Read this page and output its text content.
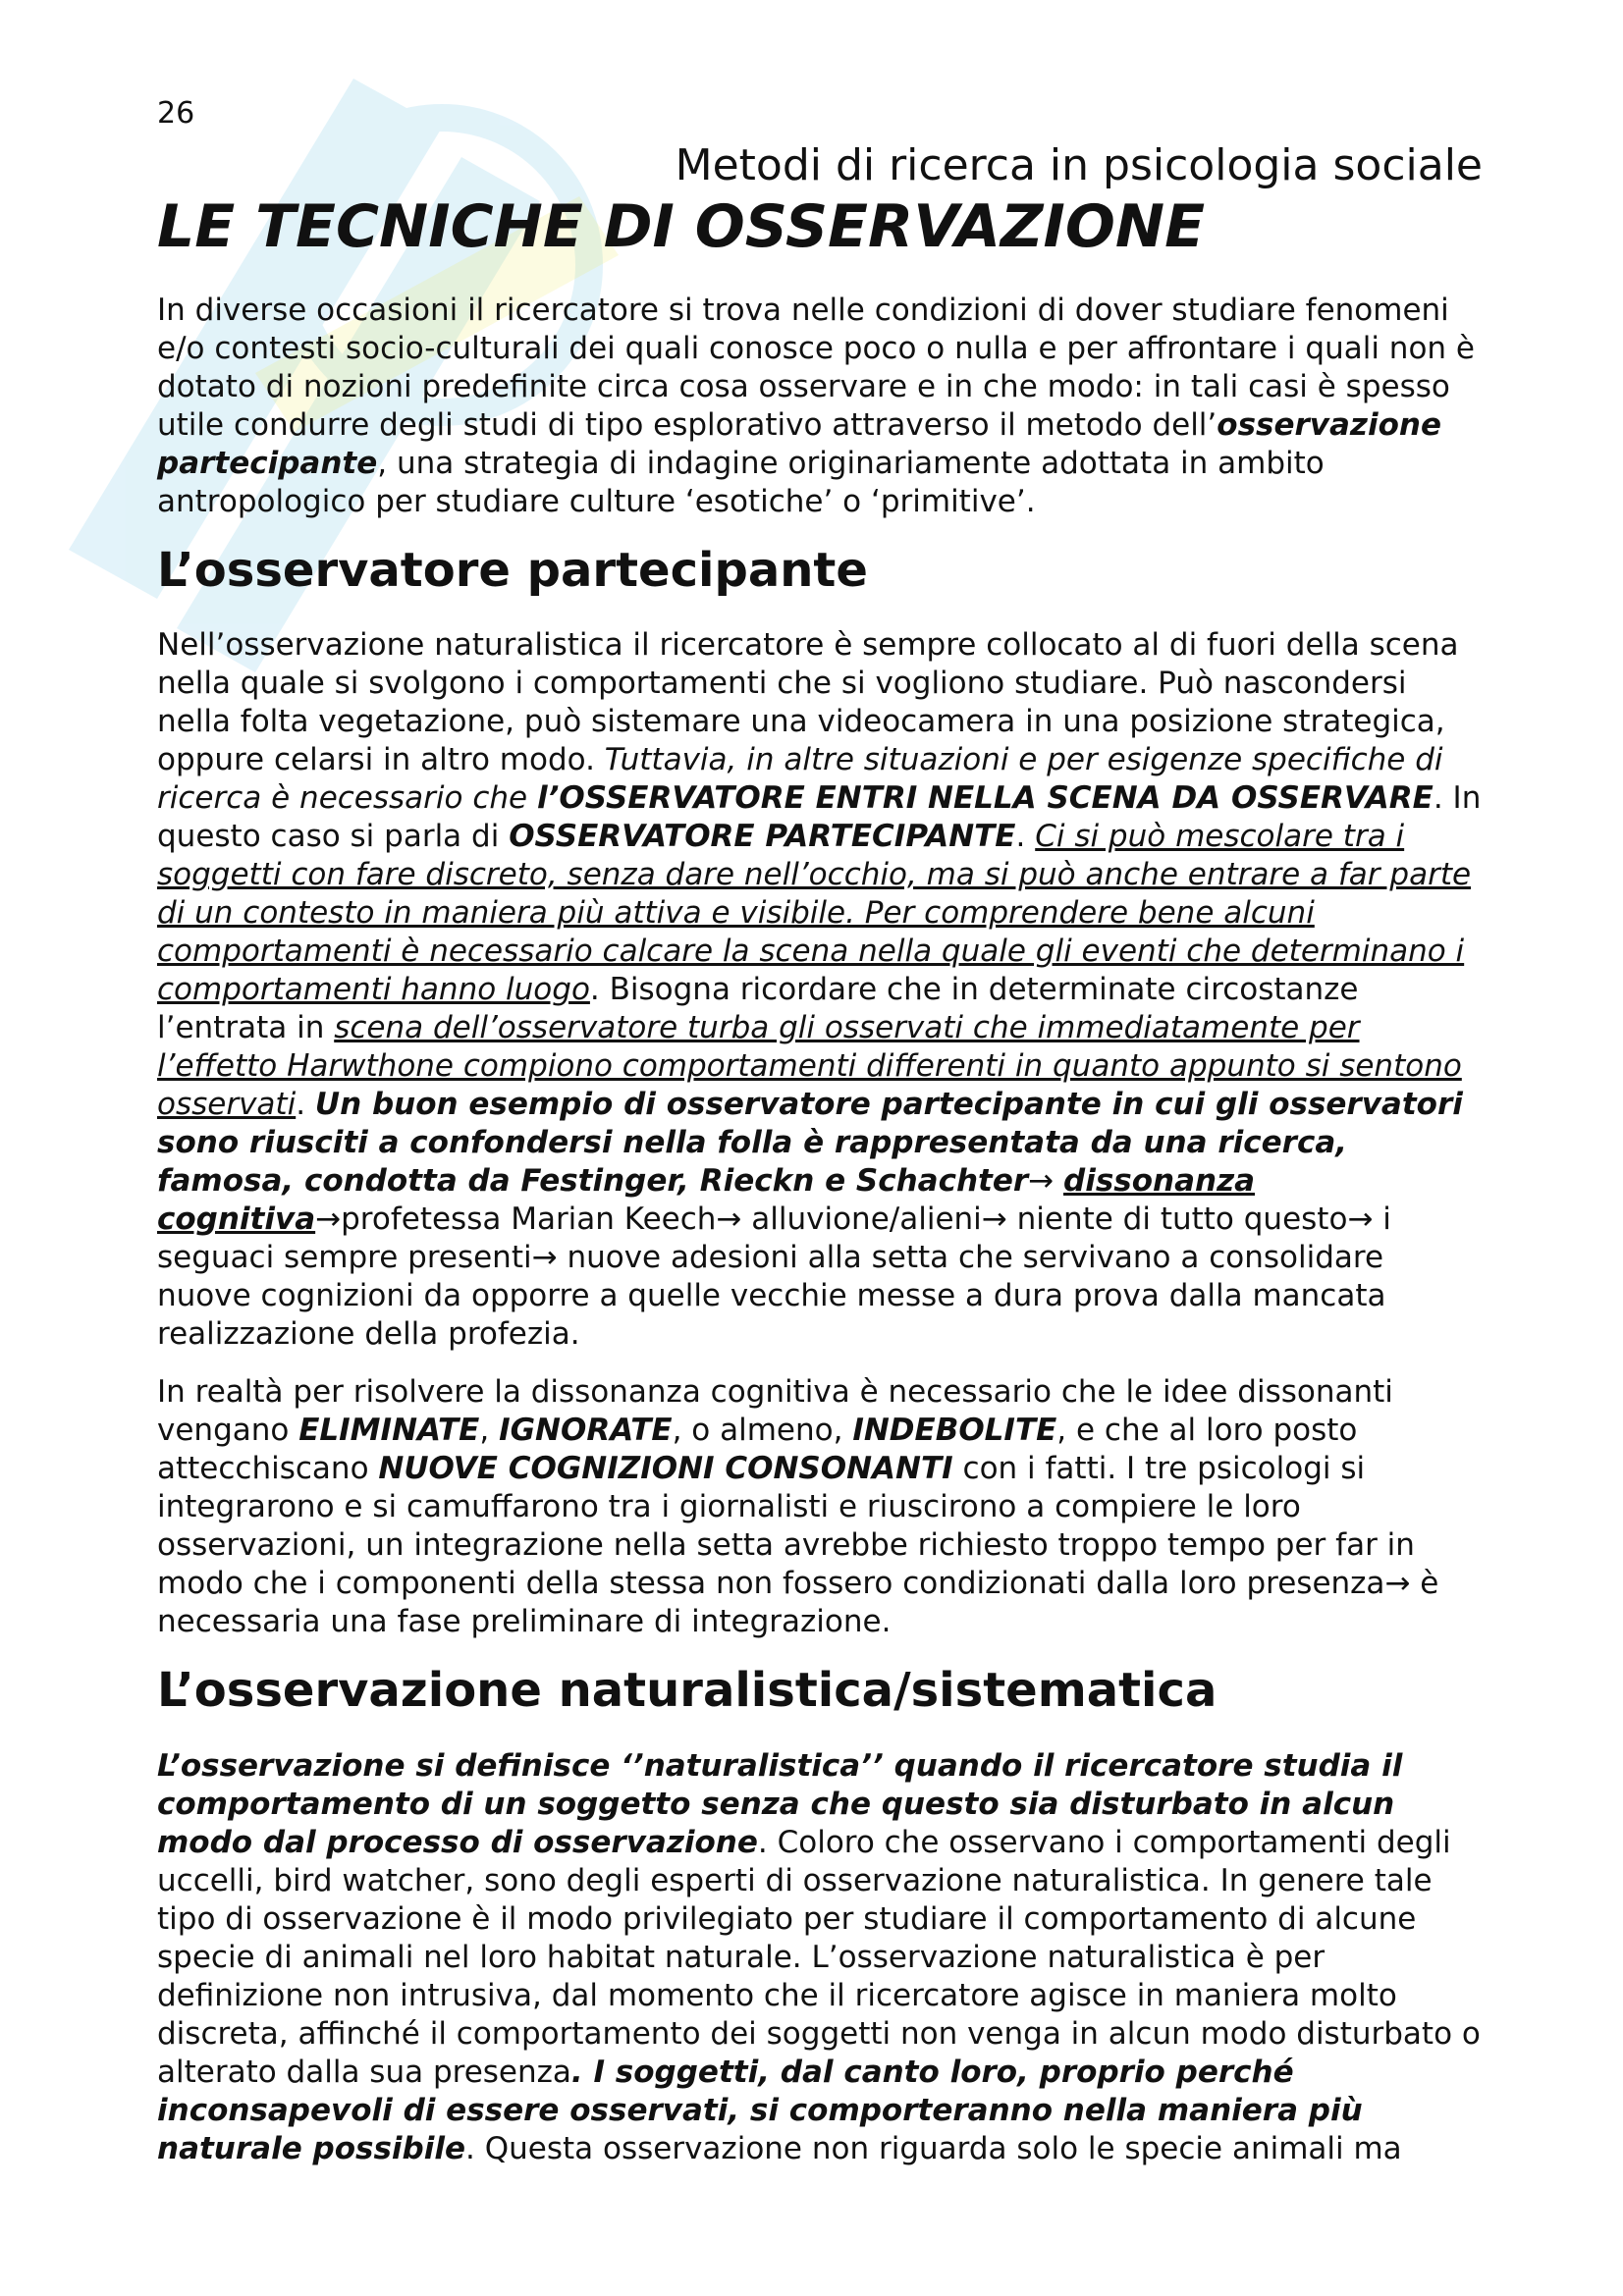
26
Metodi di ricerca in psicologia sociale
LE TECNICHE DI OSSERVAZIONE

In diverse occasioni il ricercatore si trova nelle condizioni di dover studiare fenomeni e/o contesti socio-culturali dei quali conosce poco o nulla e per affrontare i quali non è dotato di nozioni predefinite circa cosa osservare e in che modo: in tali casi è spesso utile condurre degli studi di tipo esplorativo attraverso il metodo dell’osservazione partecipante, una strategia di indagine originariamente adottata in ambito antropologico per studiare culture ‘esotiche’ o ‘primitive’.

L’osservatore partecipante

Nell’osservazione naturalistica il ricercatore è sempre collocato al di fuori della scena nella quale si svolgono i comportamenti che si vogliono studiare. Può nascondersi nella folta vegetazione, può sistemare una videocamera in una posizione strategica, oppure celarsi in altro modo. Tuttavia, in altre situazioni e per esigenze specifiche di ricerca è necessario che l’OSSERVATORE ENTRI NELLA SCENA DA OSSERVARE. In questo caso si parla di OSSERVATORE PARTECIPANTE. Ci si può mescolare tra i soggetti con fare discreto, senza dare nell’occhio, ma si può anche entrare a far parte di un contesto in maniera più attiva e visibile. Per comprendere bene alcuni comportamenti è necessario calcare la scena nella quale gli eventi che determinano i comportamenti hanno luogo. Bisogna ricordare che in determinate circostanze l’entrata in scena dell’osservatore turba gli osservati che immediatamente per l’effetto Harwthone compiono comportamenti differenti in quanto appunto si sentono osservati. Un buon esempio di osservatore partecipante in cui gli osservatori sono riusciti a confondersi nella folla è rappresentata da una ricerca, famosa, condotta da Festinger, Rieckn e Schachter→ dissonanza cognitiva→profetessa Marian Keech→ alluvione/alieni→ niente di tutto questo→ i seguaci sempre presenti→ nuove adesioni alla setta che servivano a consolidare nuove cognizioni da opporre a quelle vecchie messe a dura prova dalla mancata realizzazione della profezia.

In realtà per risolvere la dissonanza cognitiva è necessario che le idee dissonanti vengano ELIMINATE, IGNORATE, o almeno, INDEBOLITE, e che al loro posto attecchiscano NUOVE COGNIZIONI CONSONANTI con i fatti. I tre psicologi si integrarono e si camuffarono tra i giornalisti e riuscirono a compiere le loro osservazioni, un integrazione nella setta avrebbe richiesto troppo tempo per far in modo che i componenti della stessa non fossero condizionati dalla loro presenza→ è necessaria una fase preliminare di integrazione.

L’osservazione naturalistica/sistematica

L’osservazione si definisce ‘’naturalistica’’ quando il ricercatore studia il comportamento di un soggetto senza che questo sia disturbato in alcun modo dal processo di osservazione. Coloro che osservano i comportamenti degli uccelli, bird watcher, sono degli esperti di osservazione naturalistica. In genere tale tipo di osservazione è il modo privilegiato per studiare il comportamento di alcune specie di animali nel loro habitat naturale. L’osservazione naturalistica è per definizione non intrusiva, dal momento che il ricercatore agisce in maniera molto discreta, affinché il comportamento dei soggetti non venga in alcun modo disturbato o alterato dalla sua presenza. I soggetti, dal canto loro, proprio perché inconsapevoli di essere osservati, si comporteranno nella maniera più naturale possibile. Questa osservazione non riguarda solo le specie animali ma
